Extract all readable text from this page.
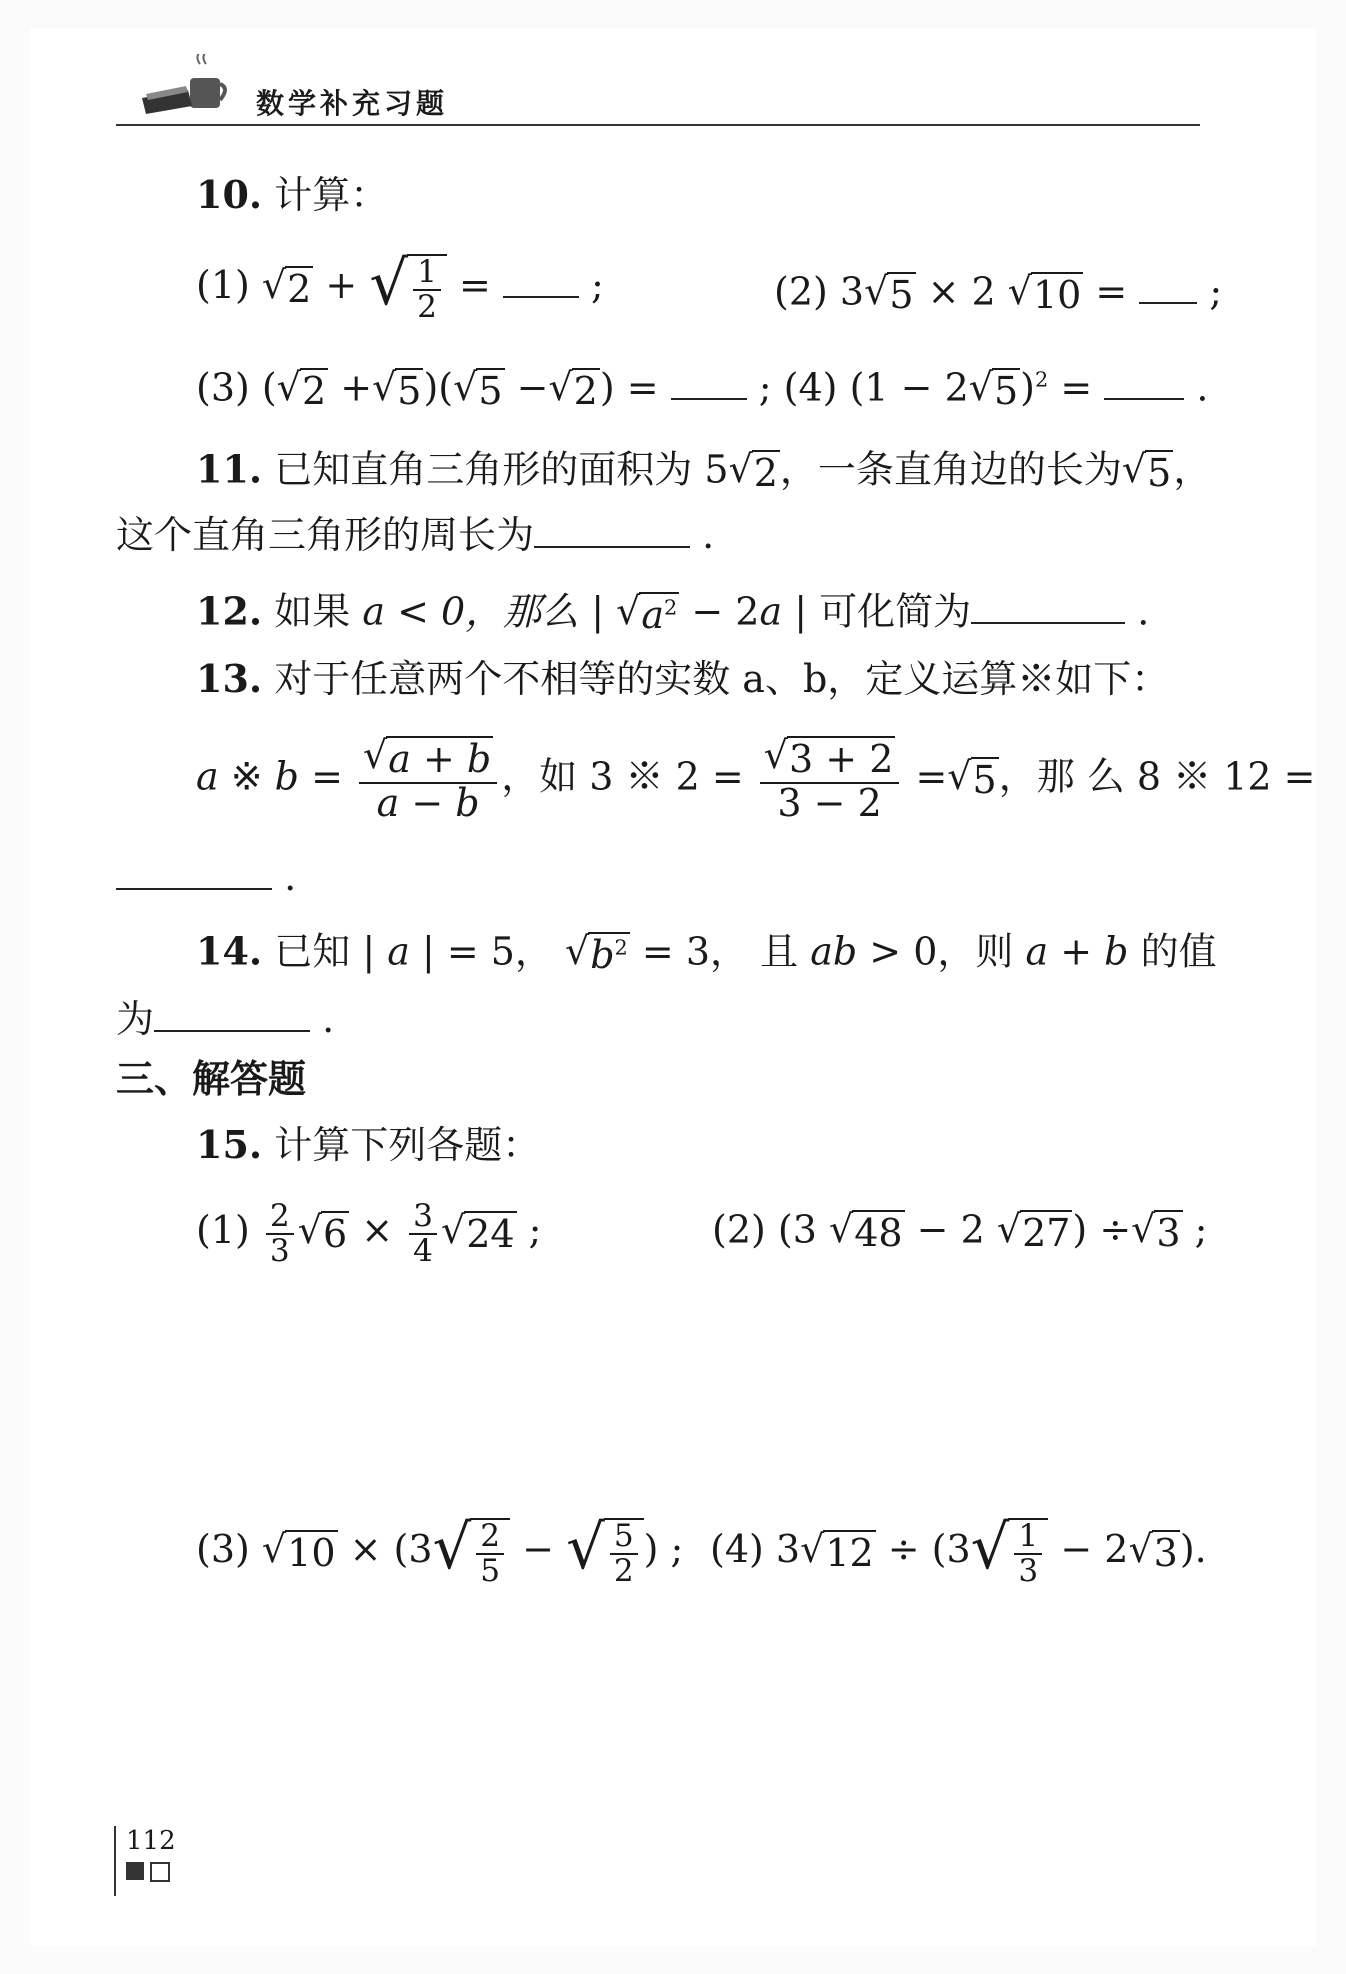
数学补充习题
10. 计算：
(1) √ 2 + √ $\frac{1}{2}$ =  ;	(2) 3 √ 5 × 2 √ 10 =  ;
(3) ( √ 2 + √ 5 )( √ 5 − √ 2 ) =  ; (4) (1 − 2 √ 5 )$^2$ =  .
11. 已知直角三角形的面积为 5 √ 2 ，一条直角边的长为 √ 5 ，
这个直角三角形的周长为	.
12. 如果 a < 0，那么 | √ $a^2 - 2a$ | 可化简为	.
13. 对于任意两个不相等的实数 a、b，定义运算※如下：
a ※ $b = \frac{√ a + b}{a - b}$ ，如 3 ※ $2 = \frac{√ 3 + 2}{3 - 2}$ = √ 5 ，那 么 8 ※ 12 =
.
14. 已知 | a | = 5， √ $b^2 = 3$， 且 ab > 0，则 a + b 的值
为	.
三、解答题
15. 计算下列各题：
$(1) \frac{2}{3}$ √ $6 \times \frac{3}{4}$ √ 24 ;	(2) (3 √ 48 − 2 √ 27 ) ÷ √ 3 ;
(3) √ 10 × (3 √ $\frac{2}{5}$ − √ $\frac{5}{2}$ ) ; (4) 3 √ 12 ÷ (3 √ $\frac{1}{3} - 2$ √ 3 ).
112
